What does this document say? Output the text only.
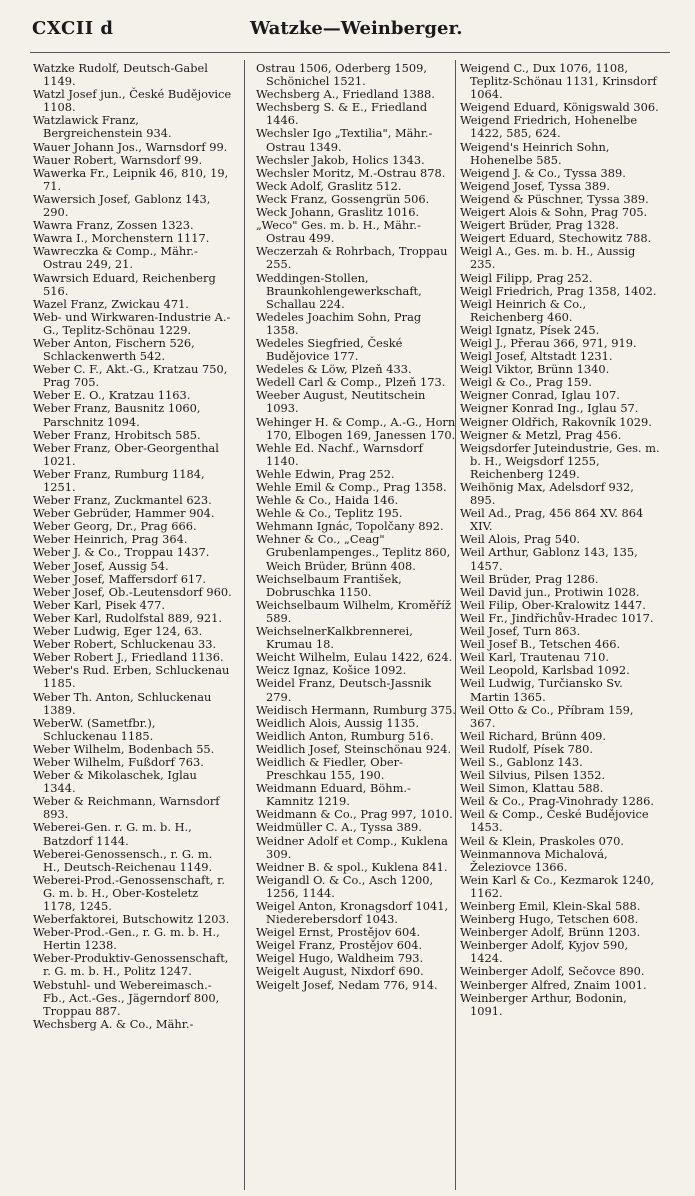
CXCII d	Watzke—Weinberger.

Watzke Rudolf, Deutsch-Gabel 1149.

Watzl Josef jun., České Budějovice 1108.

Watzlawick Franz, Bergreichenstein 934.

Wauer Johann Jos., Warnsdorf 99.

Wauer Robert, Warnsdorf 99.

Wawerka Fr., Leipnik 46, 810, 19, 71.

Wawersich Josef, Gablonz 143, 290.

Wawra Franz, Zossen 1323.

Wawra I., Morchenstern 1117.

Wawreczka & Comp., Mähr.-Ostrau 249, 21.

Wawrsich Eduard, Reichenberg 516.

Wazel Franz, Zwickau 471.

Web- und Wirkwaren-Industrie A.-G., Teplitz-Schönau 1229.

Weber Anton, Fischern 526, Schlackenwerth 542.

Weber C. F., Akt.-G., Kratzau 750, Prag 705.

Weber E. O., Kratzau 1163.

Weber Franz, Bausnitz 1060, Parschnitz 1094.

Weber Franz, Hrobitsch 585.

Weber Franz, Ober-Georgenthal 1021.

Weber Franz, Rumburg 1184, 1251.

Weber Franz, Zuckmantel 623.

Weber Gebrüder, Hammer 904.

Weber Georg, Dr., Prag 666.

Weber Heinrich, Prag 364.

Weber J. & Co., Troppau 1437.

Weber Josef, Aussig 54.

Weber Josef, Maffersdorf 617.

Weber Josef, Ob.-Leutensdorf 960.

Weber Karl, Pisek 477.

Weber Karl, Rudolfstal 889, 921.

Weber Ludwig, Eger 124, 63.

Weber Robert, Schluckenau 33.

Weber Robert J., Friedland 1136.

Weber's Rud. Erben, Schluckenau 1185.

Weber Th. Anton, Schluckenau 1389.

WeberW. (Sametfbr.), Schluckenau 1185.

Weber Wilhelm, Bodenbach 55.

Weber Wilhelm, Fußdorf 763.

Weber & Mikolaschek, Iglau 1344.

Weber & Reichmann, Warnsdorf 893.

Weberei-Gen. r. G. m. b. H., Batzdorf 1144.

Weberei-Genossensch., r. G. m. H., Deutsch-Reichenau 1149.

Weberei-Prod.-Genossenschaft, r. G. m. b. H., Ober-Kosteletz 1178, 1245.

Weberfaktorei, Butschowitz 1203.

Weber-Prod.-Gen., r. G. m. b. H., Hertin 1238.

Weber-Produktiv-Genossenschaft, r. G. m. b. H., Politz 1247.

Webstuhl- und Webereimasch.-Fb., Act.-Ges., Jägerndorf 800, Troppau 887.

Wechsberg A. & Co., Mähr.-

Ostrau 1506, Oderberg 1509, Schönichel 1521.

Wechsberg A., Friedland 1388.

Wechsberg S. & E., Friedland 1446.

Wechsler Igo „Textilia", Mähr.-Ostrau 1349.

Wechsler Jakob, Holics 1343.

Wechsler Moritz, M.-Ostrau 878.

Weck Adolf, Graslitz 512.

Weck Franz, Gossengrün 506.

Weck Johann, Graslitz 1016.

„Weco" Ges. m. b. H., Mähr.-Ostrau 499.

Weczerzah & Rohrbach, Troppau 255.

Weddingen-Stollen, Braunkohlengewerkschaft, Schallau 224.

Wedeles Joachim Sohn, Prag 1358.

Wedeles Siegfried, České Budějovice 177.

Wedeles & Löw, Plzeň 433.

Wedell Carl & Comp., Plzeň 173.

Weeber August, Neutitschein 1093.

Wehinger H. & Comp., A.-G., Horn 170, Elbogen 169, Janessen 170.

Wehle Ed. Nachf., Warnsdorf 1140.

Wehle Edwin, Prag 252.

Wehle Emil & Comp., Prag 1358.

Wehle & Co., Haida 146.

Wehle & Co., Teplitz 195.

Wehmann Ignác, Topolčany 892.

Wehner & Co., „Ceag" Grubenlampenges., Teplitz 860, Weich Brüder, Brünn 408.

Weichselbaum František, Dobruschka 1150.

Weichselbaum Wilhelm, Kroměříž 589.

WeichselnerKalkbrennerei, Krumau 18.

Weicht Wilhelm, Eulau 1422, 624.

Weicz Ignaz, Košice 1092.

Weidel Franz, Deutsch-Jassnik 279.

Weidisch Hermann, Rumburg 375.

Weidlich Alois, Aussig 1135.

Weidlich Anton, Rumburg 516.

Weidlich Josef, Steinschönau 924.

Weidlich & Fiedler, Ober-Preschkau 155, 190.

Weidmann Eduard, Böhm.-Kamnitz 1219.

Weidmann & Co., Prag 997, 1010.

Weidmüller C. A., Tyssa 389.

Weidner Adolf et Comp., Kuklena 309.

Weidner B. & spol., Kuklena 841.

Weigandl O. & Co., Asch 1200, 1256, 1144.

Weigel Anton, Kronagsdorf 1041, Niederebersdorf 1043.

Weigel Ernst, Prostějov 604.

Weigel Franz, Prostějov 604.

Weigel Hugo, Waldheim 793.

Weigelt August, Nixdorf 690.

Weigelt Josef, Nedam 776, 914.

Weigend C., Dux 1076, 1108, Teplitz-Schönau 1131, Krinsdorf 1064.

Weigend Eduard, Königswald 306.

Weigend Friedrich, Hohenelbe 1422, 585, 624.

Weigend's Heinrich Sohn, Hohenelbe 585.

Weigend J. & Co., Tyssa 389.

Weigend Josef, Tyssa 389.

Weigend & Püschner, Tyssa 389.

Weigert Alois & Sohn, Prag 705.

Weigert Brüder, Prag 1328.

Weigert Eduard, Stechowitz 788.

Weigl A., Ges. m. b. H., Aussig 235.

Weigl Filipp, Prag 252.

Weigl Friedrich, Prag 1358, 1402.

Weigl Heinrich & Co., Reichenberg 460.

Weigl Ignatz, Písek 245.

Weigl J., Přerau 366, 971, 919.

Weigl Josef, Altstadt 1231.

Weigl Viktor, Brünn 1340.

Weigl & Co., Prag 159.

Weigner Conrad, Iglau 107.

Weigner Konrad Ing., Iglau 57.

Weigner Oldřich, Rakovník 1029.

Weigner & Metzl, Prag 456.

Weigsdorfer Juteindustrie, Ges. m. b. H., Weigsdorf 1255, Reichenberg 1249.

Weihönig Max, Adelsdorf 932, 895.

Weil Ad., Prag, 456 864 XV. 864 XIV.

Weil Alois, Prag 540.

Weil Arthur, Gablonz 143, 135, 1457.

Weil Brüder, Prag 1286.

Weil David jun., Protiwin 1028.

Weil Filip, Ober-Kralowitz 1447.

Weil Fr., Jindřichův-Hradec 1017.

Weil Josef, Turn 863.

Weil Josef B., Tetschen 466.

Weil Karl, Trautenau 710.

Weil Leopold, Karlsbad 1092.

Weil Ludwig, Turčiansko Sv. Martin 1365.

Weil Otto & Co., Příbram 159, 367.

Weil Richard, Brünn 409.

Weil Rudolf, Písek 780.

Weil S., Gablonz 143.

Weil Silvius, Pilsen 1352.

Weil Simon, Klattau 588.

Weil & Co., Prag-Vinohrady 1286.

Weil & Comp., České Budějovice 1453.

Weil & Klein, Praskoles 070.

Weinmannova Michalová, Železiovce 1366.

Wein Karl & Co., Kezmarok 1240, 1162.

Weinberg Emil, Klein-Skal 588.

Weinberg Hugo, Tetschen 608.

Weinberger Adolf, Brünn 1203.

Weinberger Adolf, Kyjov 590, 1424.

Weinberger Adolf, Sečovce 890.

Weinberger Alfred, Znaim 1001.

Weinberger Arthur, Bodonin, 1091.
